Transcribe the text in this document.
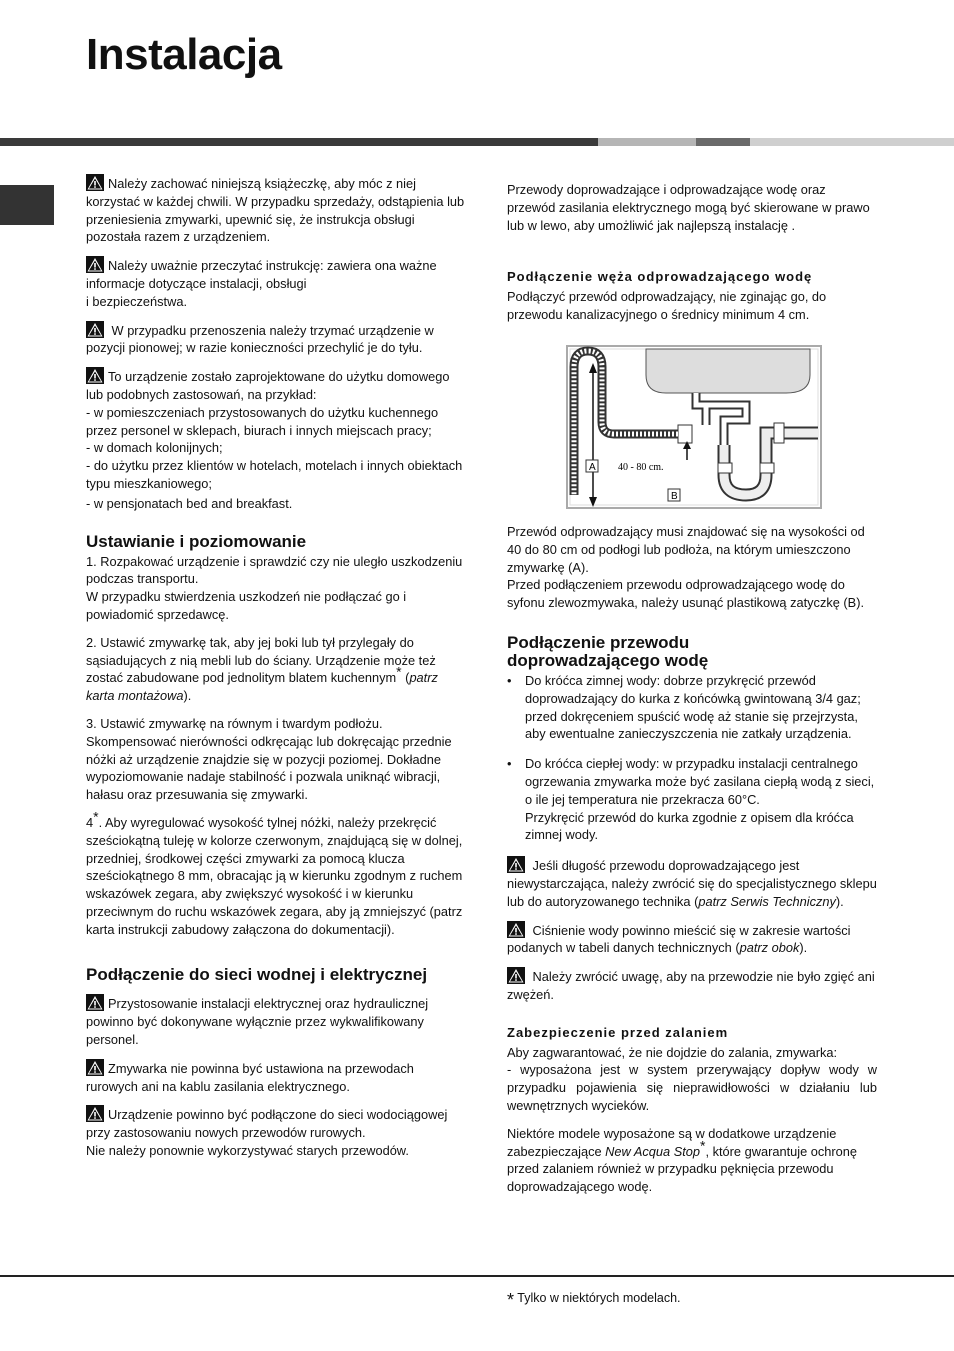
Instalacja

Należy zachować niniejszą książeczkę, aby móc z niej korzystać w każdej chwili. W przypadku sprzedaży, odstąpienia lub przeniesienia zmywarki, upewnić się, że instrukcja obsługi pozostała razem z urządzeniem.

Należy uważnie przeczytać instrukcję: zawiera ona ważne informacje dotyczące instalacji, obsługi
i bezpieczeństwa.

W przypadku przenoszenia należy trzymać urządzenie w pozycji pionowej; w razie konieczności przechylić je do tyłu.

To urządzenie zostało zaprojektowane do użytku domowego lub podobnych zastosowań, na przykład:

- w pomieszczeniach przystosowanych do użytku kuchennego przez personel w sklepach, biurach i innych miejscach pracy;

- w domach kolonijnych;

- do użytku przez klientów w hotelach, motelach i innych obiektach typu mieszkaniowego;

- w pensjonatach bed and breakfast.

Ustawianie i poziomowanie

1. Rozpakować urządzenie i sprawdzić czy nie uległo uszkodzeniu podczas transportu.

W przypadku stwierdzenia uszkodzeń nie podłączać go i powiadomić sprzedawcę.

2. Ustawić zmywarkę tak, aby jej boki lub tył przylegały do sąsiadujących z nią mebli lub do ściany. Urządzenie może też zostać zabudowane pod jednolitym blatem kuchennym* (patrz karta montażowa).

3. Ustawić zmywarkę na równym i twardym podłożu. Skompensować nierówności odkręcając lub dokręcając przednie nóżki aż urządzenie znajdzie się w pozycji poziomej. Dokładne wypoziomowanie nadaje stabilność i pozwala uniknąć wibracji, hałasu oraz przesuwania się zmywarki.

4*. Aby wyregulować wysokość tylnej nóżki, należy przekręcić sześciokątną tuleję w kolorze czerwonym, znajdującą się w dolnej, przedniej, środkowej części zmywarki za pomocą klucza sześciokątnego 8 mm, obracając ją w kierunku zgodnym z ruchem wskazówek zegara, aby zwiększyć wysokość i w kierunku przeciwnym do ruchu wskazówek zegara, aby ją zmniejszyć (patrz karta instrukcji zabudowy załączona do dokumentacji).

Podłączenie do sieci wodnej i elektrycznej

Przystosowanie instalacji elektrycznej oraz hydraulicznej powinno być dokonywane wyłącznie przez wykwalifikowany personel.

Zmywarka nie powinna być ustawiona na przewodach rurowych ani na kablu zasilania elektrycznego.

Urządzenie powinno być podłączone do sieci wodociągowej przy zastosowaniu nowych przewodów rurowych.

Nie należy ponownie wykorzystywać starych przewodów.

Przewody doprowadzające i odprowadzające wodę oraz przewód zasilania elektrycznego mogą być skierowane w prawo lub w lewo, aby umożliwić jak najlepszą instalację .

Podłączenie węża odprowadzającego wodę

Podłączyć przewód odprowadzający, nie zginając go, do przewodu kanalizacyjnego o średnicy minimum 4 cm.

A 40 - 80 cm.
B

Przewód odprowadzający musi znajdować się na wysokości od 40 do 80 cm od podłogi lub podłoża, na którym umieszczono zmywarkę (A).

Przed podłączeniem przewodu odprowadzającego wodę do syfonu zlewozmywaka, należy usunąć plastikową zatyczkę (B).

Podłączenie przewodu doprowadzającego wodę
• Do króćca zimnej wody: dobrze przykręcić przewód doprowadzający do kurka z końcówką gwintowaną 3/4 gaz; przed dokręceniem spuścić wodę aż stanie się przejrzysta, aby ewentualne zanieczyszczenia nie zatkały urządzenia.
• Do króćca ciepłej wody: w przypadku instalacji centralnego ogrzewania zmywarka może być zasilana ciepłą wodą z sieci, o ile jej temperatura nie przekracza 60°C.
Przykręcić przewód do kurka zgodnie z opisem dla króćca zimnej wody.

Jeśli długość przewodu doprowadzającego jest niewystarczająca, należy zwrócić się do specjalistycznego sklepu lub do autoryzowanego technika (patrz Serwis Techniczny).

Ciśnienie wody powinno mieścić się w zakresie wartości podanych w tabeli danych technicznych (patrz obok).

Należy zwrócić uwagę, aby na przewodzie nie było zgięć ani zwężeń.

Zabezpieczenie przed zalaniem

Aby zagwarantować, że nie dojdzie do zalania, zmywarka:

- wyposażona jest w system przerywający dopływ wody w przypadku pojawienia się nieprawidłowości w działaniu lub wewnętrznych wycieków.

Niektóre modele wyposażone są w dodatkowe urządzenie zabezpieczające New Acqua Stop*, które gwarantuje ochronę przed zalaniem również w przypadku pęknięcia przewodu doprowadzającego wodę.

* Tylko w niektórych modelach.
